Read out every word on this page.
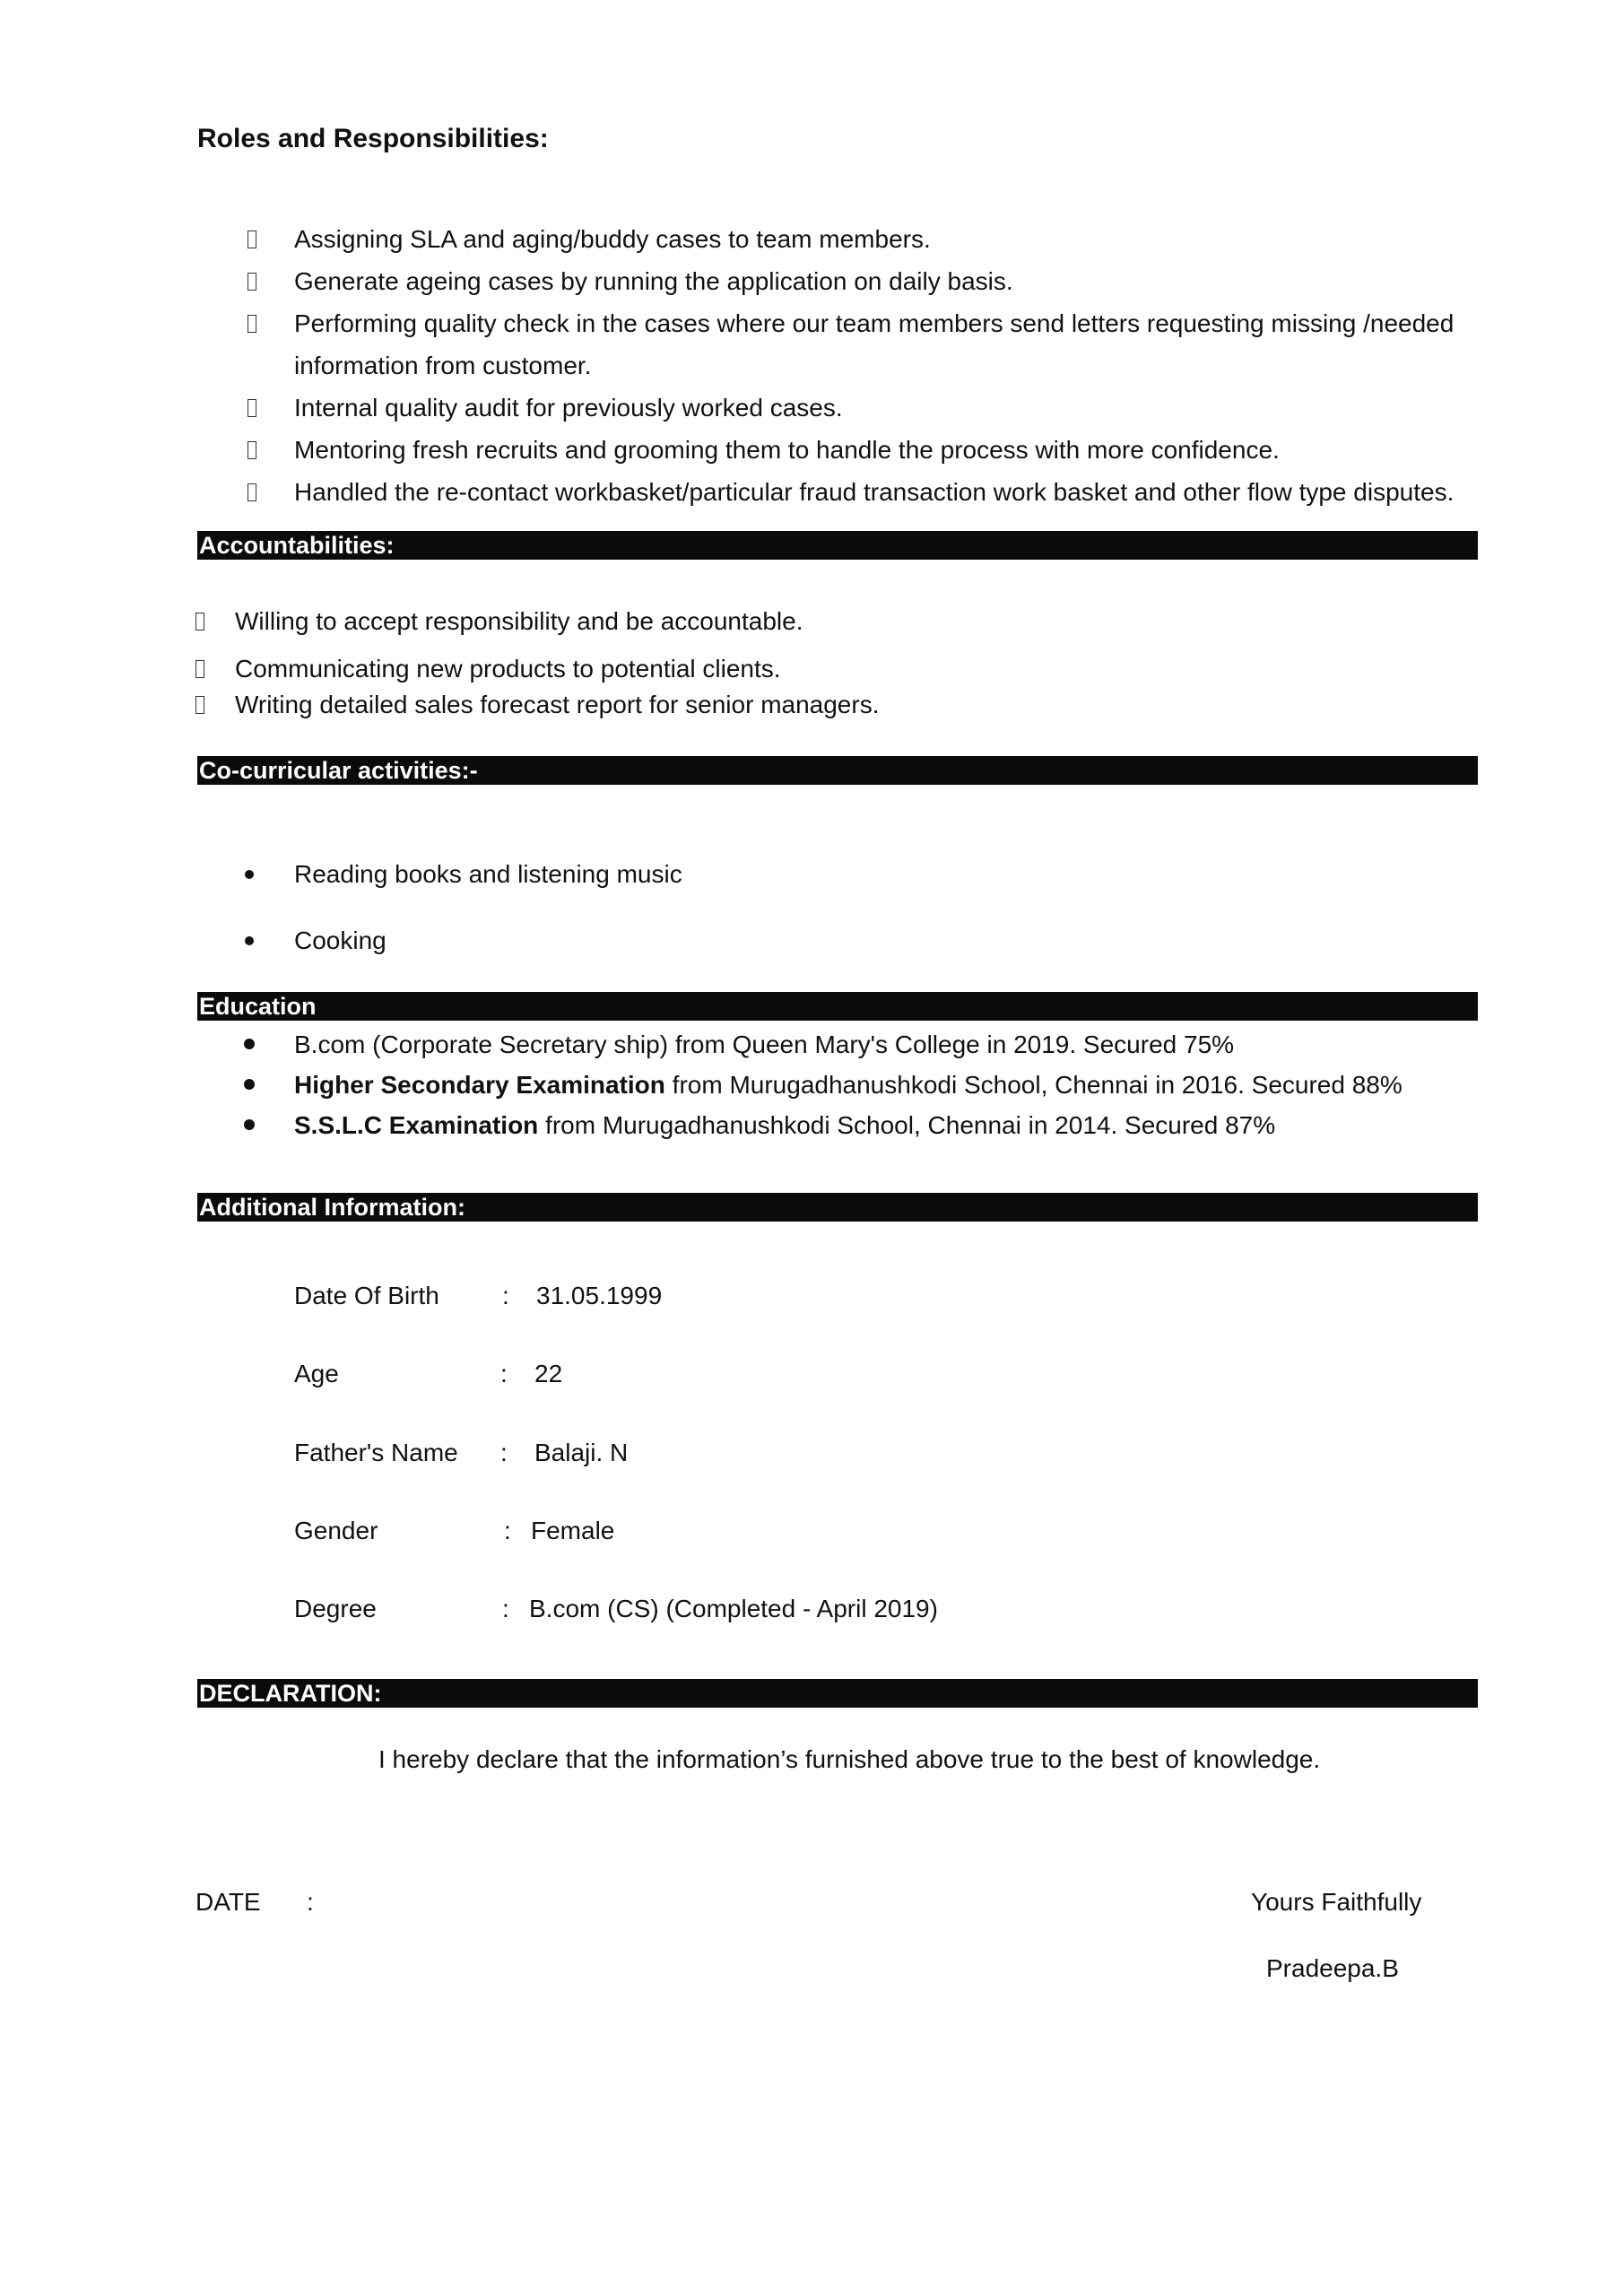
Roles and Responsibilities:
Assigning SLA and aging/buddy cases to team members.
Generate ageing cases by running the application on daily basis.
Performing quality check in the cases where our team members send letters requesting missing /needed
information from customer.
Internal quality audit for previously worked cases.
Mentoring fresh recruits and grooming them to handle the process with more confidence.
Handled the re-contact workbasket/particular fraud transaction work basket and other flow type disputes.
Accountabilities:
Willing to accept responsibility and be accountable.
Communicating new products to potential clients.
Writing detailed sales forecast report for senior managers.
Co-curricular activities:-
Reading books and listening music
Cooking
Education
B.com (Corporate Secretary ship) from Queen Mary's College in 2019. Secured 75%
Higher Secondary Examination from Murugadhanushkodi School, Chennai in 2016. Secured 88%
S.S.L.C Examination from Murugadhanushkodi School, Chennai in 2014. Secured 87%
Additional Information:
Date Of Birth	: 31.05.1999
Age	: 22
Father's Name : Balaji. N
Gender	: Female
Degree	: B.com (CS) (Completed - April 2019)
DECLARATION:
I hereby declare that the information’s furnished above true to the best of knowledge.
DATE :	Yours Faithfully
Pradeepa.B
